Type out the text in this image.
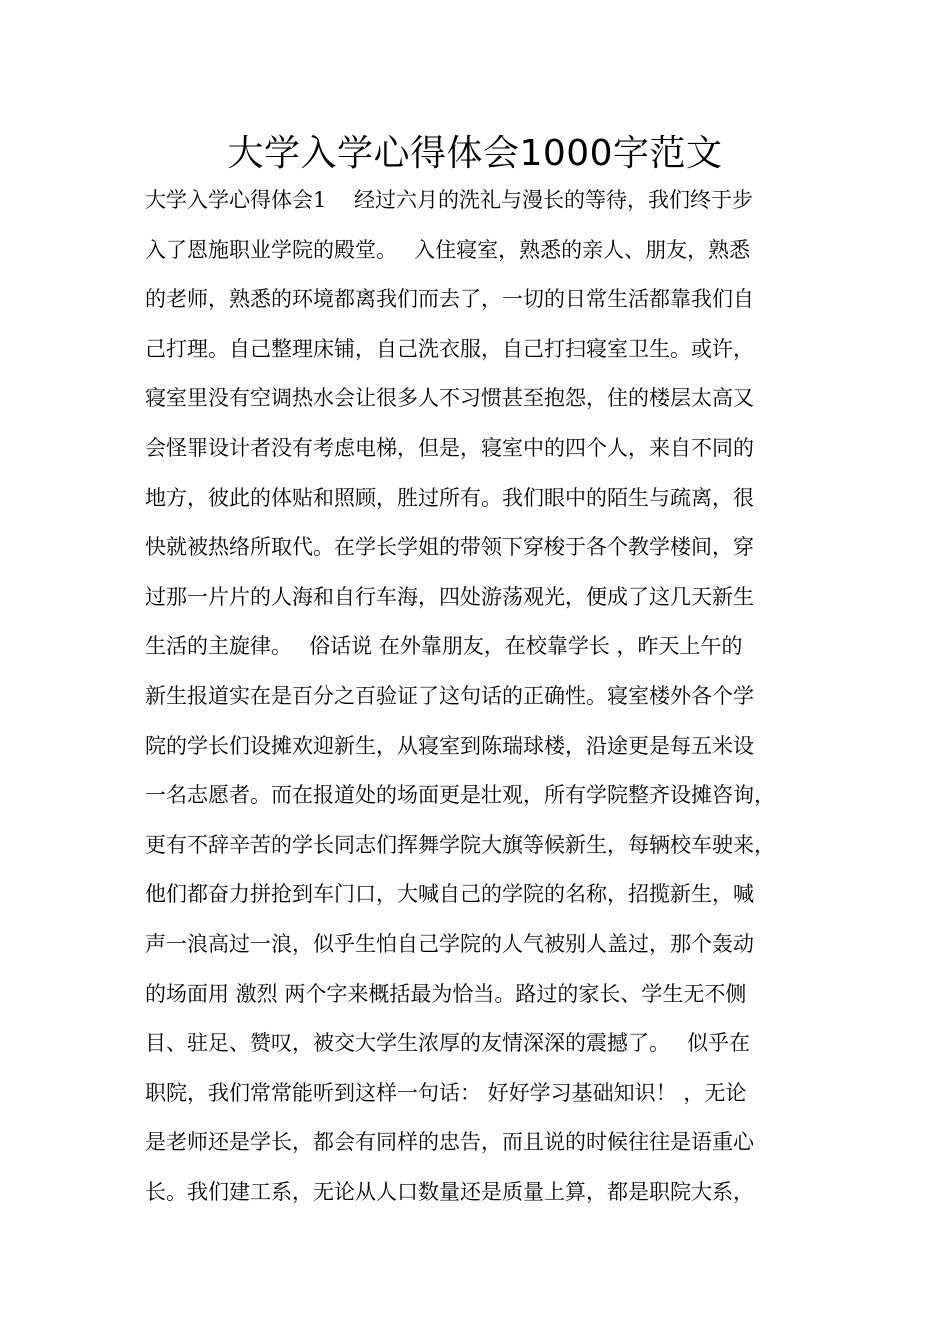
大学入学心得体会1000字范文
大学入学心得体会1　 经过六月的洗礼与漫长的等待，我们终于步
入了恩施职业学院的殿堂。　 入住寝室，熟悉的亲人、朋友，熟悉
的老师，熟悉的环境都离我们而去了，一切的日常生活都靠我们自
己打理。自己整理床铺，自己洗衣服，自己打扫寝室卫生。或许，
寝室里没有空调热水会让很多人不习惯甚至抱怨，住的楼层太高又
会怪罪设计者没有考虑电梯，但是，寝室中的四个人，来自不同的
地方，彼此的体贴和照顾，胜过所有。我们眼中的陌生与疏离，很
快就被热络所取代。在学长学姐的带领下穿梭于各个教学楼间，穿
过那一片片的人海和自行车海，四处游荡观光，便成了这几天新生
生活的主旋律。　 俗话说 在外靠朋友，在校靠学长 ，昨天上午的
新生报道实在是百分之百验证了这句话的正确性。寝室楼外各个学
院的学长们设摊欢迎新生，从寝室到陈瑞球楼，沿途更是每五米设
一名志愿者。而在报道处的场面更是壮观，所有学院整齐设摊咨询，
更有不辞辛苦的学长同志们挥舞学院大旗等候新生，每辆校车驶来，
他们都奋力拼抢到车门口，大喊自己的学院的名称，招揽新生，喊
声一浪高过一浪，似乎生怕自己学院的人气被别人盖过，那个轰动
的场面用 激烈 两个字来概括最为恰当。路过的家长、学生无不侧
目、驻足、赞叹，被交大学生浓厚的友情深深的震撼了。　 似乎在
职院，我们常常能听到这样一句话： 好好学习基础知识！ ，无论
是老师还是学长，都会有同样的忠告，而且说的时候往往是语重心
长。我们建工系，无论从人口数量还是质量上算，都是职院大系，
